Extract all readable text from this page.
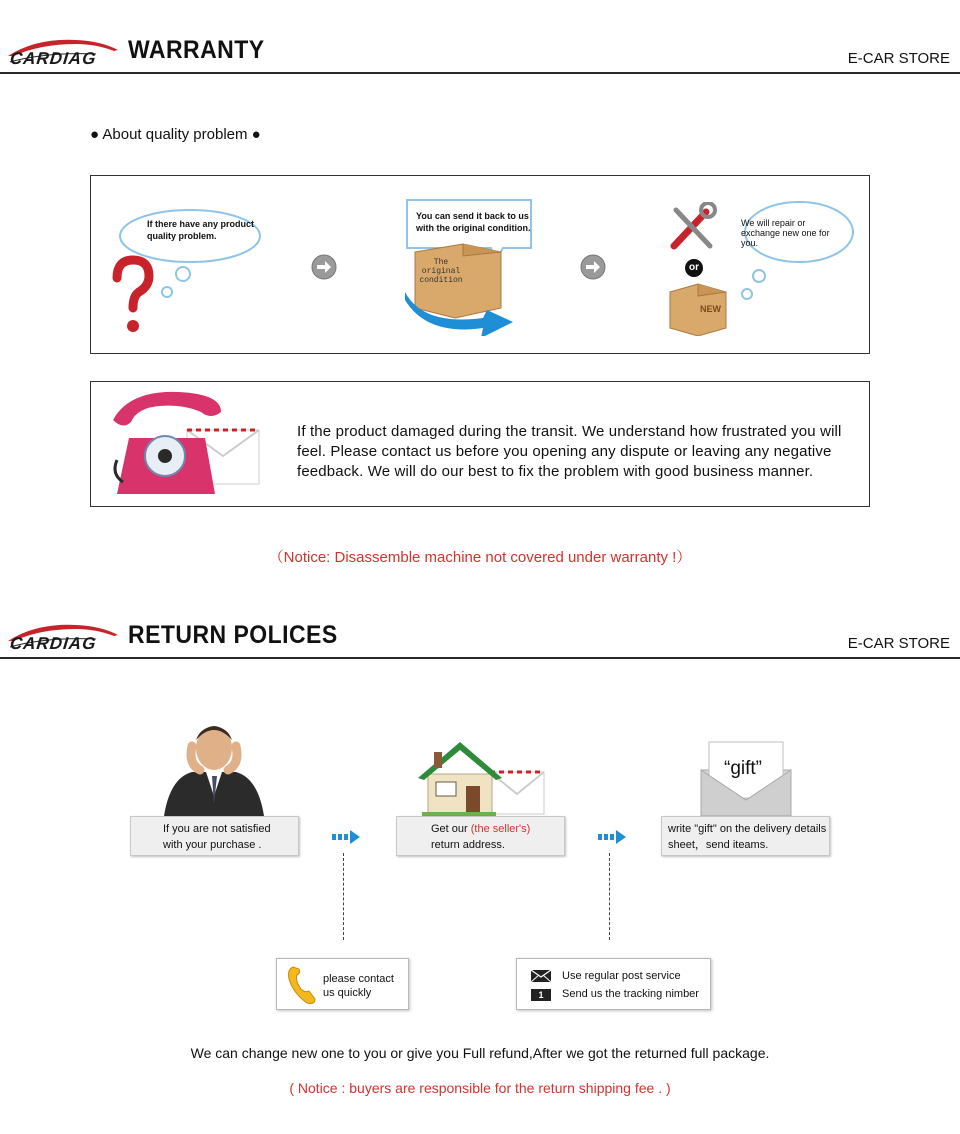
CARDIAG WARRANTY	E-CAR STORE
● About quality problem ●
If there have any product quality problem.
You can send it back to us with the original condition.
The original condition
or
NEW
We will repair or exchange new one for you.
If the product damaged during the transit. We understand how frustrated you will feel. Please contact us before you opening any dispute or leaving any negative feedback. We will do our best to fix the problem with good business manner.
（Notice: Disassemble machine not covered under warranty !）
CARDIAG RETURN POLICES	E-CAR STORE
If you are not satisfied with your purchase .
Get our (the seller's)
return address.
“gift”
write "gift" on the delivery details sheet，send iteams.
please contact us quickly
Use regular post service
1	Send us the tracking nimber
We can change new one to you or give you Full refund,After we got the returned full package.
( Notice : buyers are responsible for the return shipping fee . )
